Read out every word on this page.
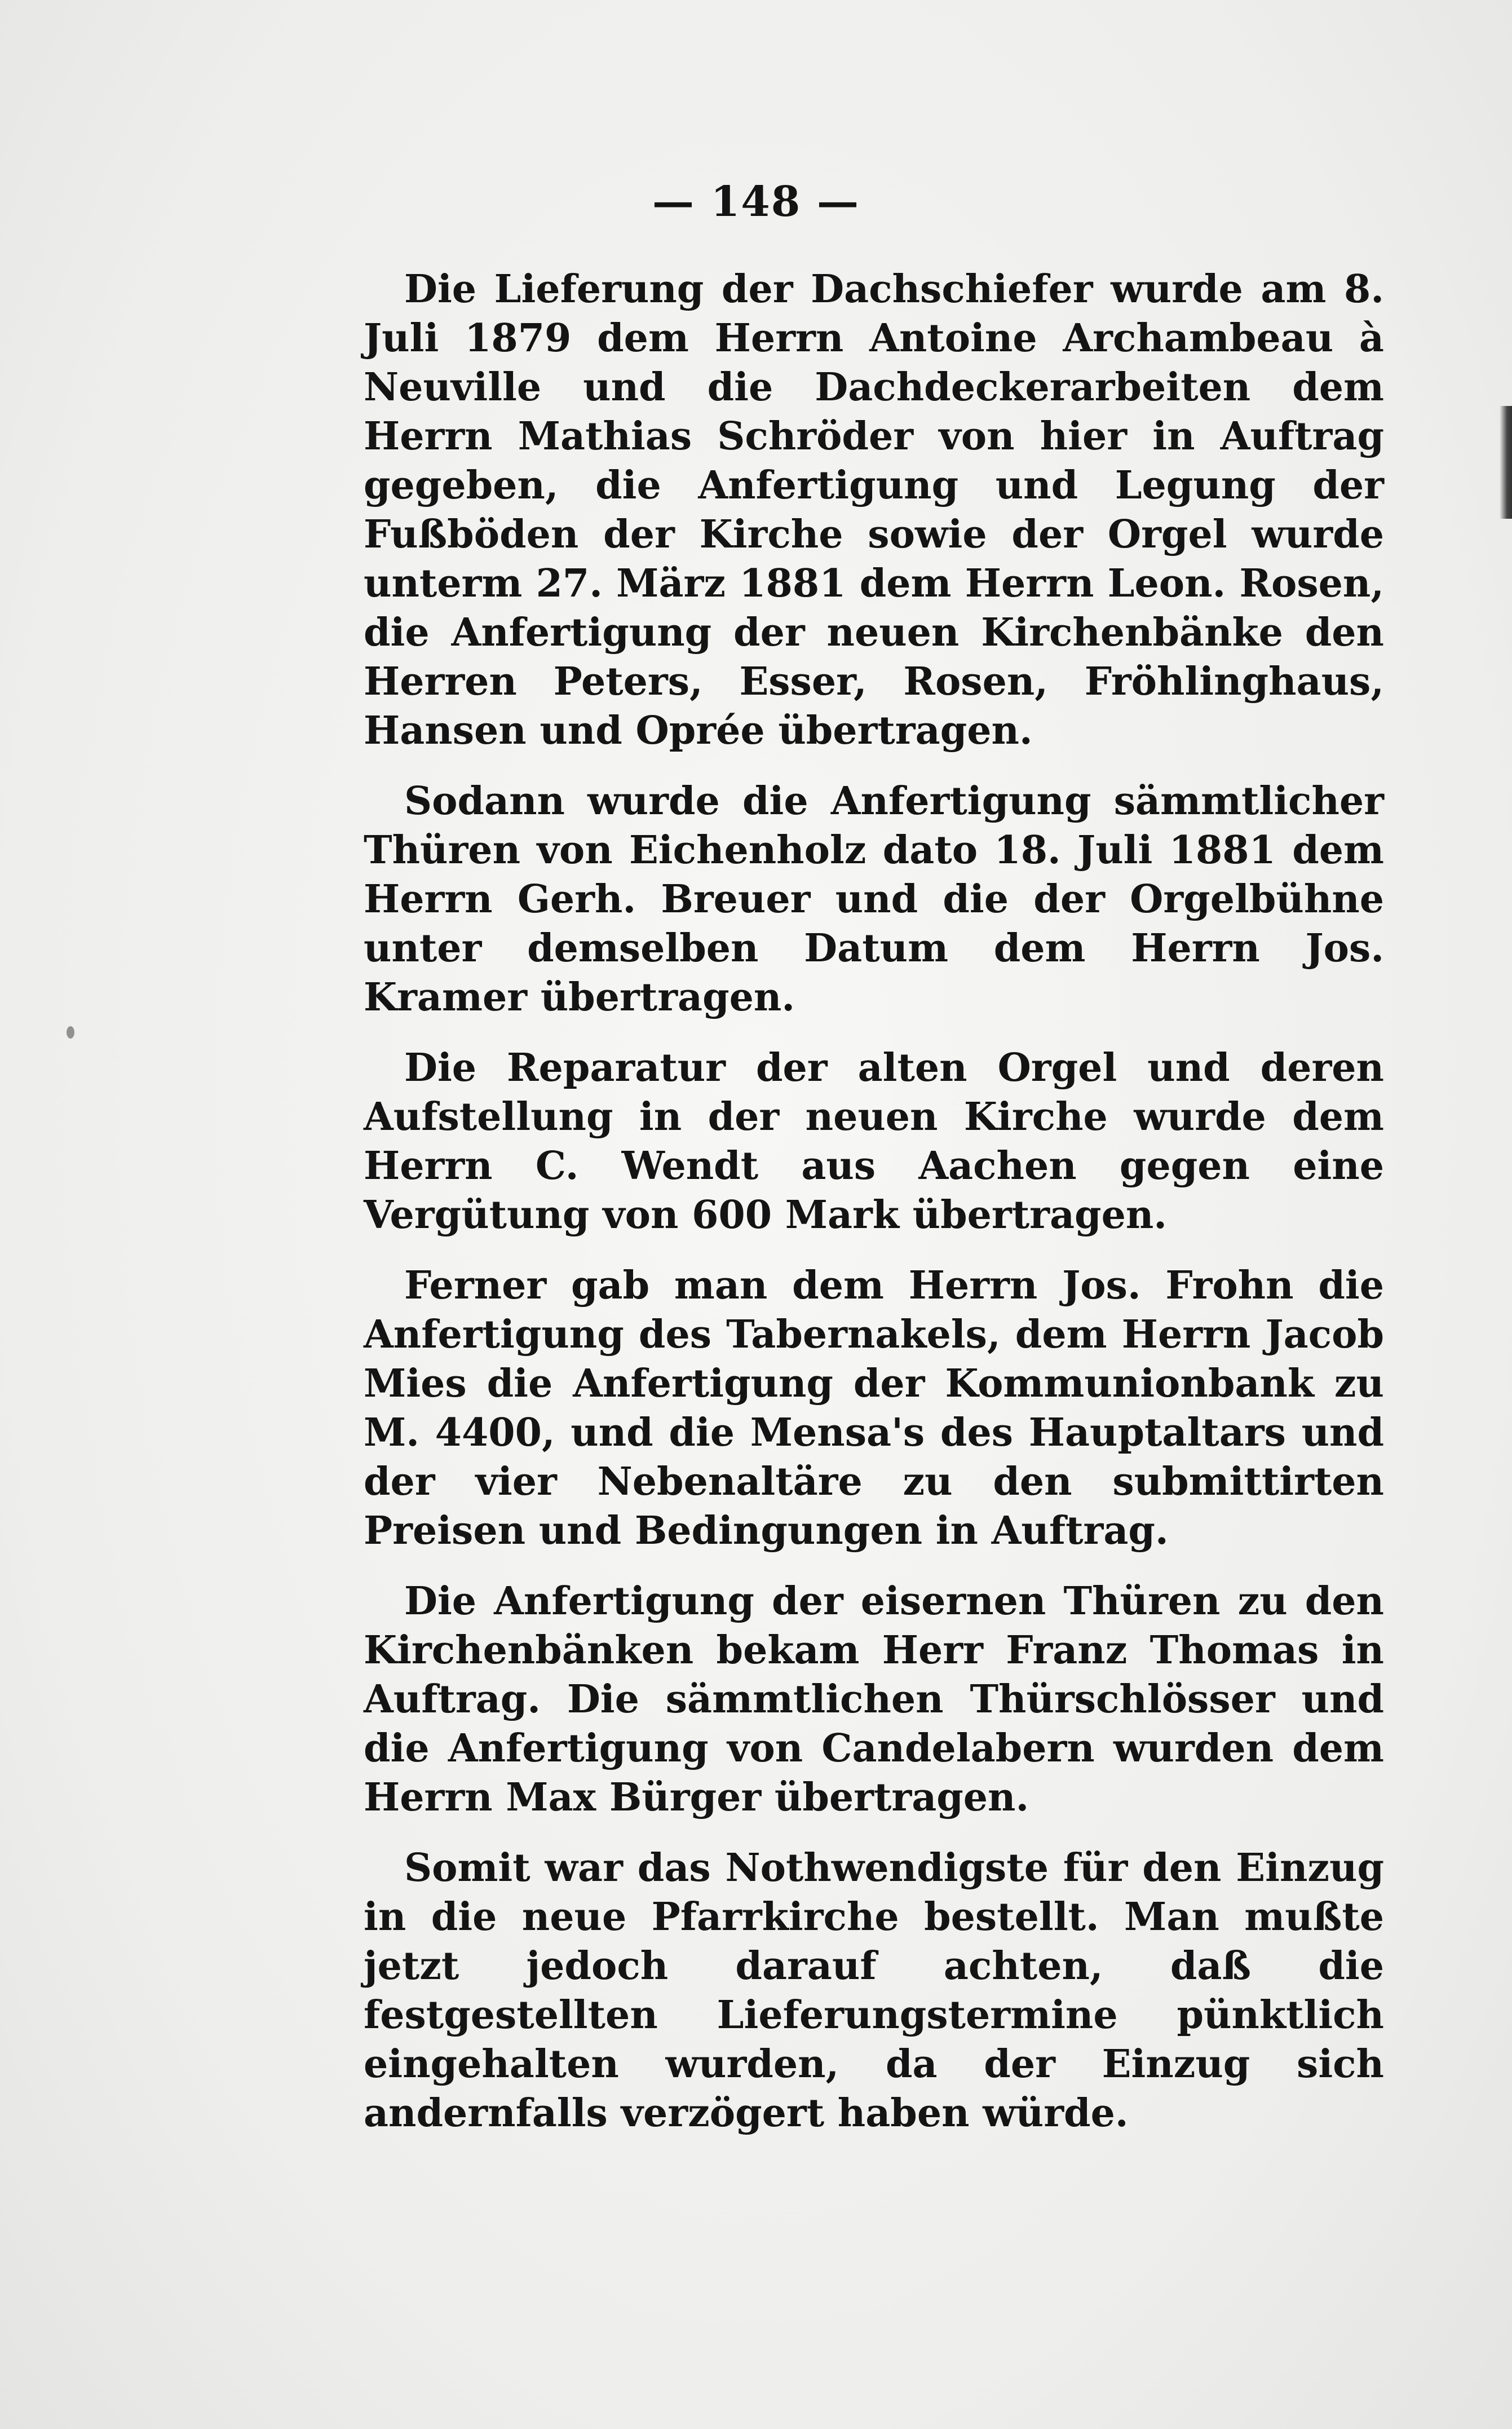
— 148 —

Die Lieferung der Dachschiefer wurde am 8. Juli 1879 dem Herrn Antoine Archambeau à Neuville und die Dachdeckerarbeiten dem Herrn Mathias Schröder von hier in Auftrag gegeben, die Anfertigung und Legung der Fußböden der Kirche sowie der Orgel wurde unterm 27. März 1881 dem Herrn Leon. Rosen, die Anfertigung der neuen Kirchenbänke den Herren Peters, Esser, Rosen, Fröhlinghaus, Hansen und Oprée übertragen.

Sodann wurde die Anfertigung sämmtlicher Thüren von Eichenholz dato 18. Juli 1881 dem Herrn Gerh. Breuer und die der Orgelbühne unter demselben Datum dem Herrn Jos. Kramer übertragen.

Die Reparatur der alten Orgel und deren Aufstellung in der neuen Kirche wurde dem Herrn C. Wendt aus Aachen gegen eine Vergütung von 600 Mark übertragen.

Ferner gab man dem Herrn Jos. Frohn die Anfertigung des Tabernakels, dem Herrn Jacob Mies die Anfertigung der Kommunionbank zu M. 4400, und die Mensa's des Hauptaltars und der vier Nebenaltäre zu den submittirten Preisen und Bedingungen in Auftrag.

Die Anfertigung der eisernen Thüren zu den Kirchenbänken bekam Herr Franz Thomas in Auftrag. Die sämmtlichen Thürschlösser und die Anfertigung von Candelabern wurden dem Herrn Max Bürger übertragen.

Somit war das Nothwendigste für den Einzug in die neue Pfarrkirche bestellt. Man mußte jetzt jedoch darauf achten, daß die festgestellten Lieferungstermine pünktlich eingehalten wurden, da der Einzug sich andernfalls verzögert haben würde.
